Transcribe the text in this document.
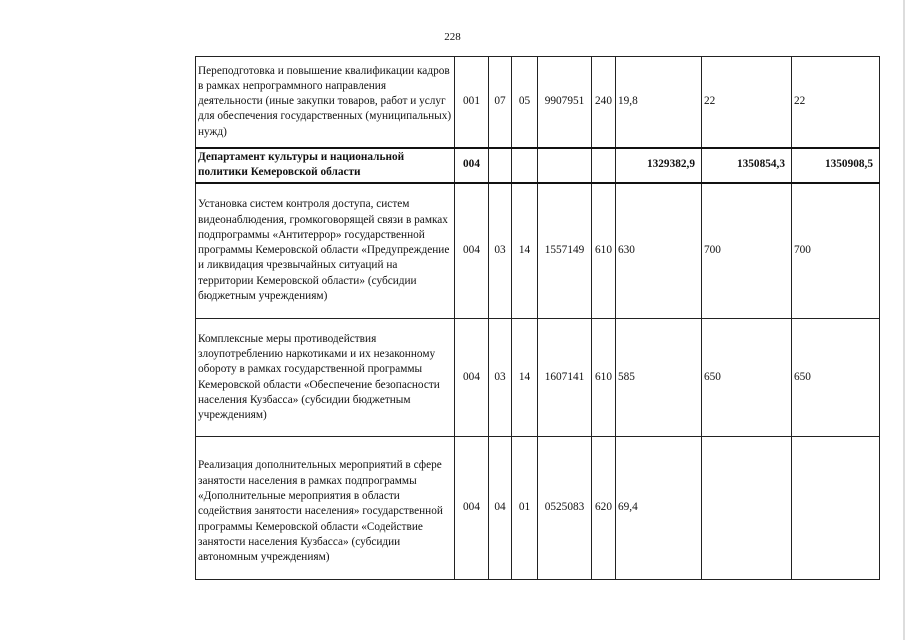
228
Переподготовка и повышение квалификации кадров в рамках непрограммного направления деятельности (иные закупки товаров, работ и услуг для обеспечения государственных (муниципальных) нужд)	001	07	05	9907951	240	19,8	22	22
Департамент культуры и национальной политики Кемеровской области	004					1329382,9	1350854,3	1350908,5
Установка систем контроля доступа, систем видеонаблюдения, громкоговорящей связи в рамках подпрограммы «Антитеррор» государственной программы Кемеровской области «Предупреждение и ликвидация чрезвычайных ситуаций на территории Кемеровской области» (субсидии бюджетным учреждениям)	004	03	14	1557149	610	630	700	700
Комплексные меры противодействия злоупотреблению наркотиками и их незаконному обороту в рамках государственной программы Кемеровской области «Обеспечение безопасности населения Кузбасса» (субсидии бюджетным учреждениям)	004	03	14	1607141	610	585	650	650
Реализация дополнительных мероприятий в сфере занятости населения в рамках подпрограммы «Дополнительные мероприятия в области содействия занятости населения» государственной программы Кемеровской области «Содействие занятости населения Кузбасса» (субсидии автономным учреждениям)	004	04	01	0525083	620	69,4		
